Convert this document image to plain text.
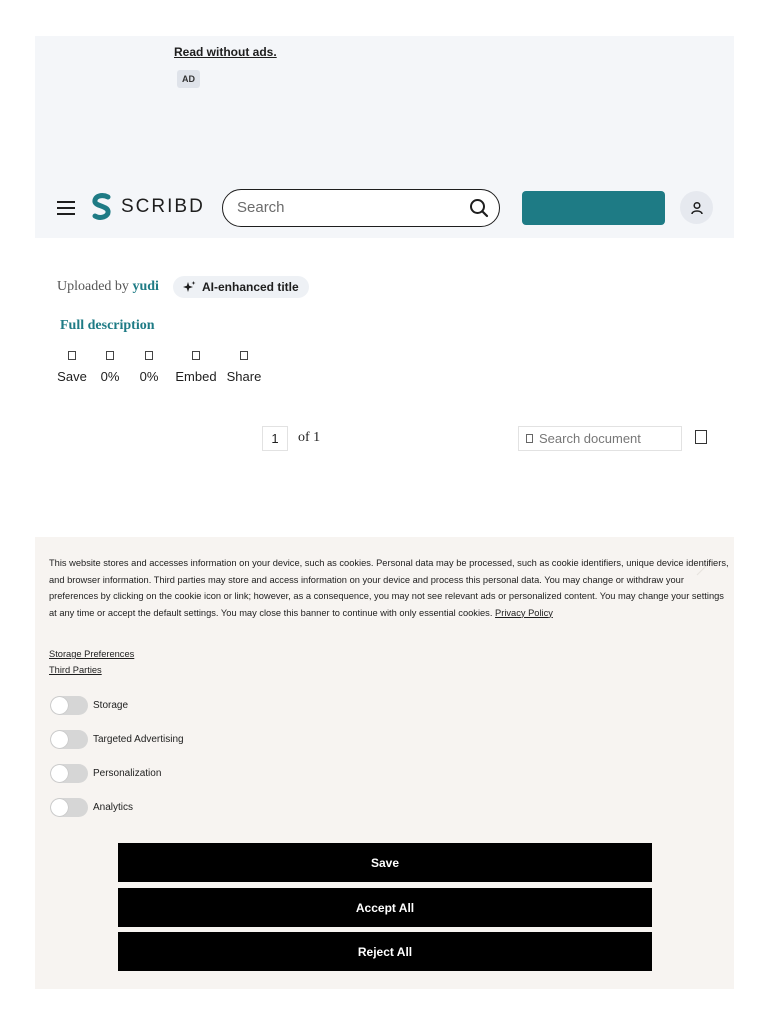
Read without ads.
AD
SCRIBD
Search
Uploaded by yudi	AI-enhanced title
Full description
Save 0% 0% Embed Share
1	of 1
Search document

This website stores and accesses information on your device, such as cookies. Personal data may be processed, such as cookie identifiers, unique device identifiers, and browser information. Third parties may store and access information on your device and process this personal data. You may change or withdraw your preferences by clicking on the cookie icon or link; however, as a consequence, you may not see relevant ads or personalized content. You may change your settings at any time or accept the default settings. You may close this banner to continue with only essential cookies. Privacy Policy

Storage Preferences
Third Parties
Storage
Targeted Advertising
Personalization
Analytics
Save
Accept All
Reject All
